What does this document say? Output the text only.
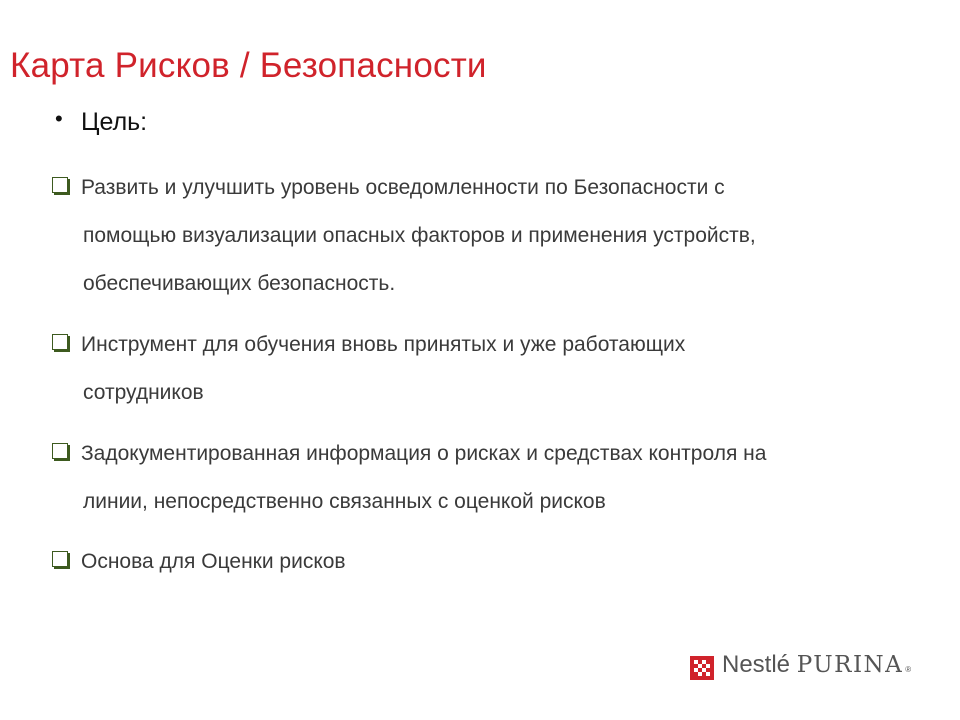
Карта Рисков / Безопасности
• Цель:
Развить и улучшить уровень осведомленности по Безопасности с
помощью визуализации опасных факторов и применения устройств,
обеспечивающих безопасность.
Инструмент для обучения вновь принятых и уже работающих
сотрудников
Задокументированная информация о рисках и средствах контроля на
линии, непосредственно связанных с оценкой рисков
Основа для Оценки рисков
Nestlé PURINA ®
